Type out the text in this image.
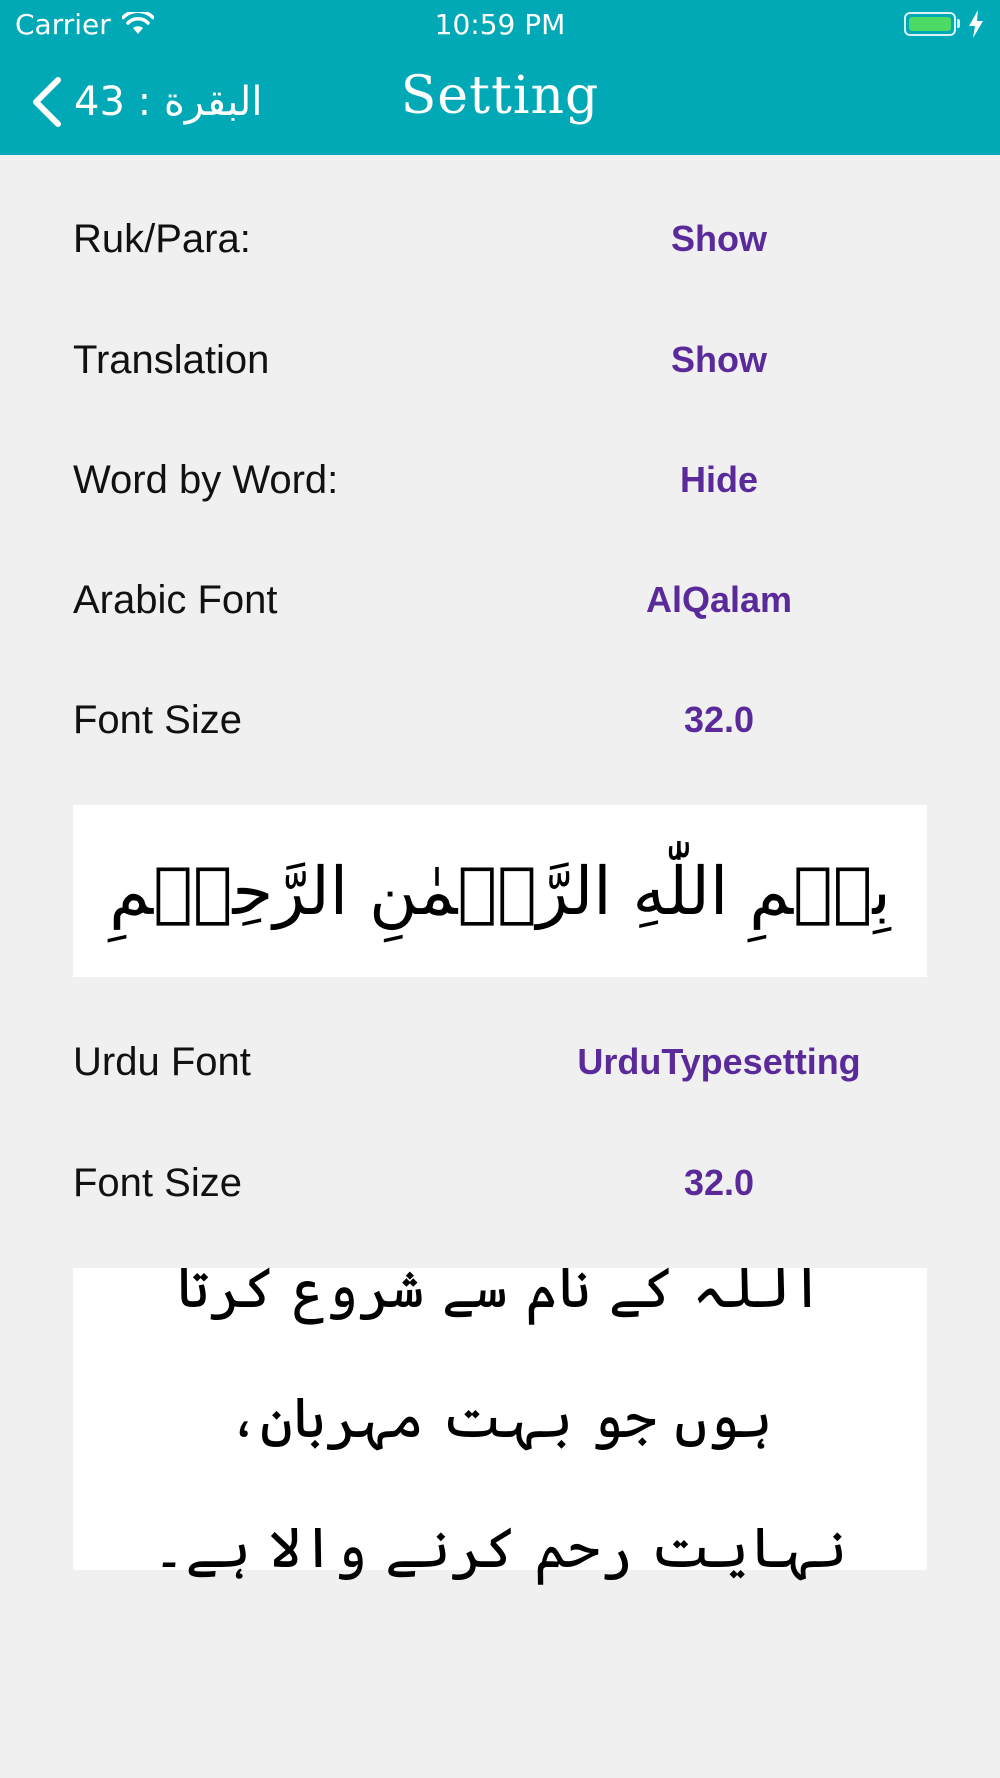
Carrier	10:59 PM
البقرة : 43	Setting
Ruk/Para:	Show
Translation	Show
Word by Word:	Hide
Arabic Font	AlQalam
Font Size	32.0
بِسۡمِ اللّٰهِ الرَّحۡمٰنِ الرَّحِيۡمِ
Urdu Font	UrduTypesetting
Font Size	32.0
اللہ کے نام سے شروع کرتا ہوں جو بہت مہربان، نہایت رحم کرنے والا ہے۔
